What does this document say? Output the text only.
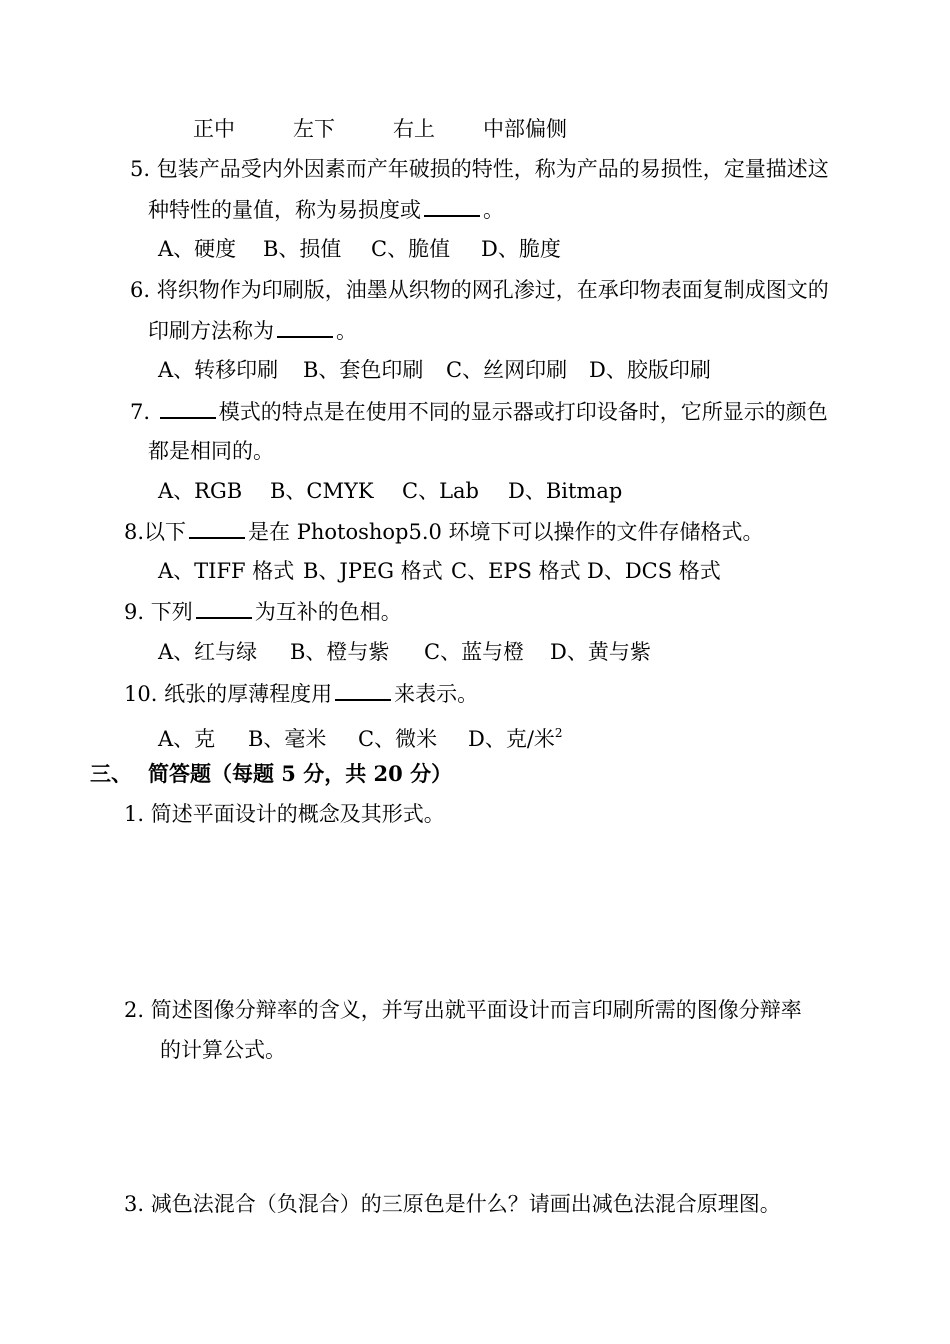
正中	左下	右上 中部偏侧
5. 包装产品受内外因素而产年破损的特性，称为产品的易损性，定量描述这
种特性的量值，称为易损度或	。
A、硬度 B、损值 C、脆值 D、脆度
6. 将织物作为印刷版，油墨从织物的网孔渗过，在承印物表面复制成图文的
印刷方法称为	。
A、转移印刷 B、套色印刷 C、丝网印刷 D、胶版印刷
7.	模式的特点是在使用不同的显示器或打印设备时，它所显示的颜色
都是相同的。
A、RGB B、CMYK C、Lab D、Bitmap
8.以下	是在 Photoshop5.0 环境下可以操作的文件存储格式。
A、TIFF 格式 B、JPEG 格式 C、EPS 格式 D、DCS 格式
9. 下列	为互补的色相。
A、红与绿 B、橙与紫 C、蓝与橙 D、黄与紫
10. 纸张的厚薄程度用	来表示。
A、克 B、毫米 C、微米 D、克/米$^2$
三、 简答题（每题 5 分，共 20 分）
1. 简述平面设计的概念及其形式。
2. 简述图像分辩率的含义，并写出就平面设计而言印刷所需的图像分辩率
的计算公式。
3. 减色法混合（负混合）的三原色是什么？请画出减色法混合原理图。
